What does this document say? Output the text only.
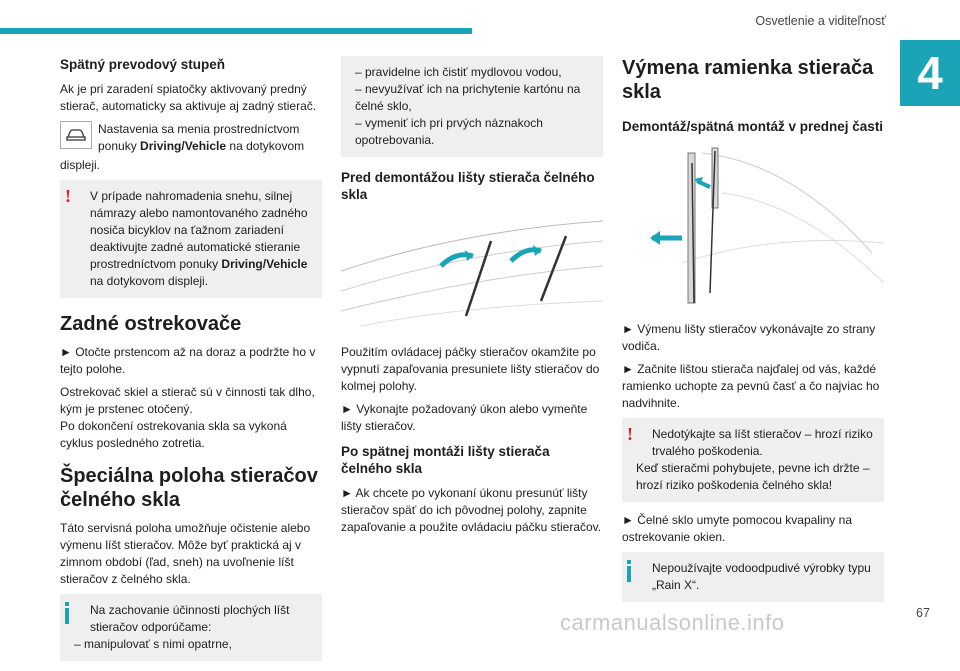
Osvetlenie a viditeľnosť
4
Spätný prevodový stupeň

Ak je pri zaradení spiatočky aktivovaný predný stierač, automaticky sa aktivuje aj zadný stierač.

Nastavenia sa menia prostredníctvom ponuky Driving/Vehicle na dotykovom

displeji.

!	V prípade nahromadenia snehu, silnej námrazy alebo namontovaného zadného nosiča bicyklov na ťažnom zariadení deaktivujte zadné automatické stieranie prostredníctvom ponuky Driving/Vehicle na dotykovom displeji.

Zadné ostrekovače

► Otočte prstencom až na doraz a podržte ho v tejto polohe.

Ostrekovač skiel a stierač sú v činnosti tak dlho, kým je prstenec otočený.

Po dokončení ostrekovania skla sa vykoná cyklus posledného zotretia.

Špeciálna poloha stieračov čelného skla

Táto servisná poloha umožňuje očistenie alebo výmenu líšt stieračov. Môže byť praktická aj v zimnom období (ľad, sneh) na uvoľnenie líšt stieračov z čelného skla.

Na zachovanie účinnosti plochých líšt stieračov odporúčame:

– manipulovať s nimi opatrne,

– pravidelne ich čistiť mydlovou vodou,

– nevyužívať ich na prichytenie kartónu na čelné sklo,

– vymeniť ich pri prvých náznakoch opotrebovania.

Pred demontážou lišty stierača čelného skla

Použitím ovládacej páčky stieračov okamžite po vypnutí zapaľovania presuniete lišty stieračov do kolmej polohy.

► Vykonajte požadovaný úkon alebo vymeňte lišty stieračov.

Po spätnej montáži lišty stierača čelného skla

► Ak chcete po vykonaní úkonu presunúť lišty stieračov späť do ich pôvodnej polohy, zapnite zapaľovanie a použite ovládaciu páčku stieračov.

Výmena ramienka stierača skla
Demontáž/spätná montáž v prednej časti

► Výmenu lišty stieračov vykonávajte zo strany vodiča.

► Začnite lištou stierača najďalej od vás, každé ramienko uchopte za pevnú časť a čo najviac ho nadvihnite.

!	Nedotýkajte sa líšt stieračov – hrozí riziko trvalého poškodenia.

Keď stieračmi pohybujete, pevne ich držte – hrozí riziko poškodenia čelného skla!

► Čelné sklo umyte pomocou kvapaliny na ostrekovanie okien.

Nepoužívajte vodoodpudivé výrobky typu „Rain X“.

carmanualsonline.info	67
